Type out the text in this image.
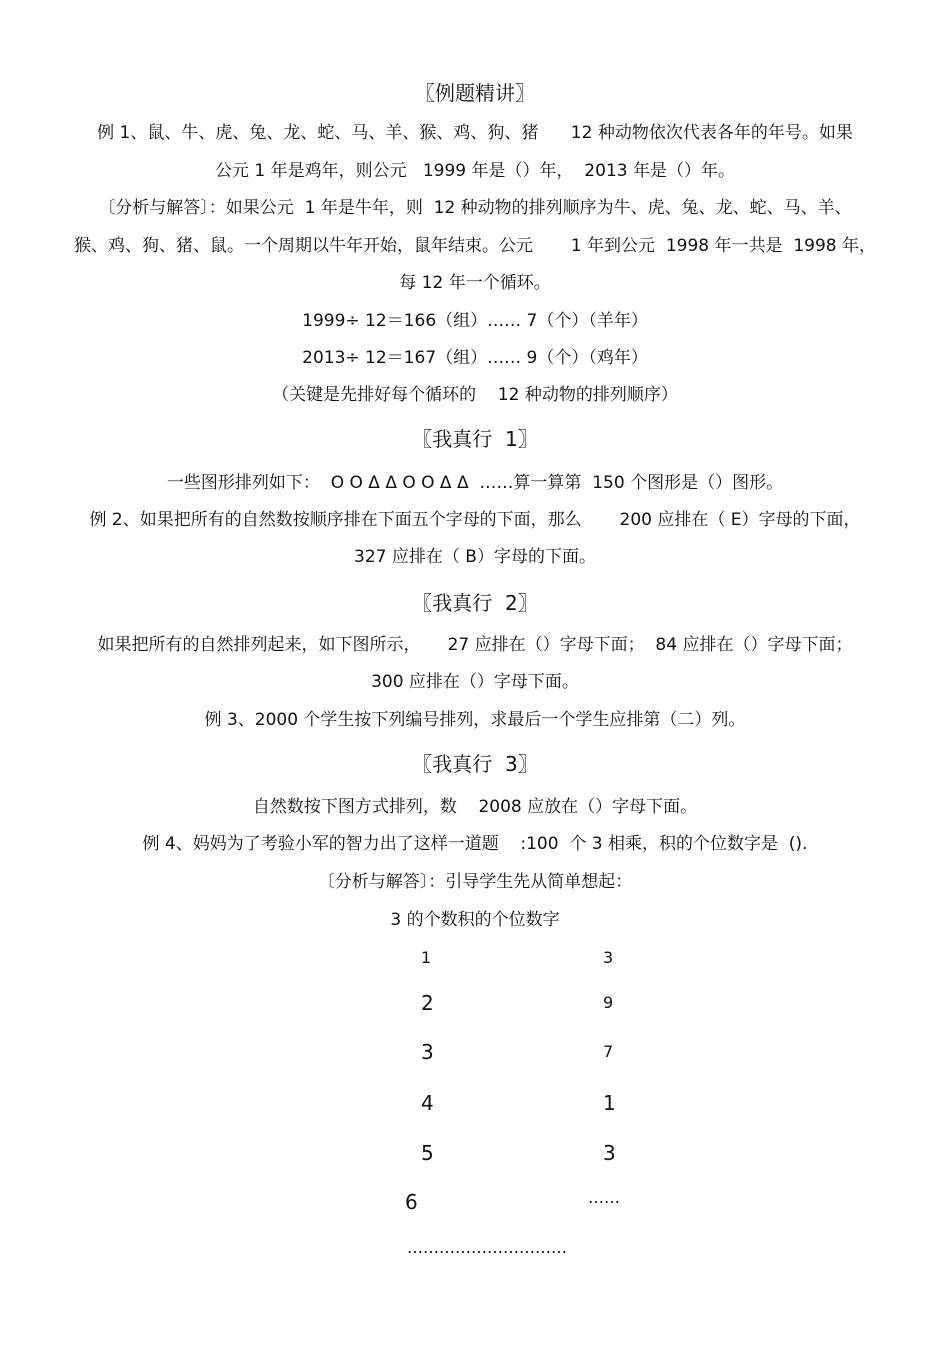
〖例题精讲〗
例 1、鼠、牛、虎、兔、龙、蛇、马、羊、猴、鸡、狗、猪      12 种动物依次代表各年的年号。如果
公元 1 年是鸡年，则公元   1999 年是（）年，  2013 年是（）年。
〔分析与解答〕：如果公元  1 年是牛年，则  12 种动物的排列顺序为牛、虎、兔、龙、蛇、马、羊、
猴、鸡、狗、猪、鼠。一个周期以牛年开始，鼠年结束。公元       1 年到公元  1998 年一共是  1998 年，
每 12 年一个循环。
1999÷ 12＝166（组）…… 7（个）（羊年）
2013÷ 12＝167（组）…… 9（个）（鸡年）
（关键是先排好每个循环的    12 种动物的排列顺序）
〖我真行  1〗
一些图形排列如下：  O O Δ Δ O O Δ Δ  ……算一算第  150 个图形是（）图形。
例 2、如果把所有的自然数按顺序排在下面五个字母的下面，那么       200 应排在（ E）字母的下面，
327 应排在（ B）字母的下面。
〖我真行  2〗
如果把所有的自然排列起来，如下图所示，     27 应排在（）字母下面；  84 应排在（）字母下面；
300 应排在（）字母下面。
例 3、2000 个学生按下列编号排列，求最后一个学生应排第（二）列。
〖我真行  3〗
自然数按下图方式排列，数    2008 应放在（）字母下面。
例 4、妈妈为了考验小军的智力出了这样一道题    :100  个 3 相乘，积的个位数字是  ().
〔分析与解答〕：引导学生先从简单想起：
3 的个数积的个位数字
1	3
2	9
3	7
4	1
5	3
6	……
…………………………
